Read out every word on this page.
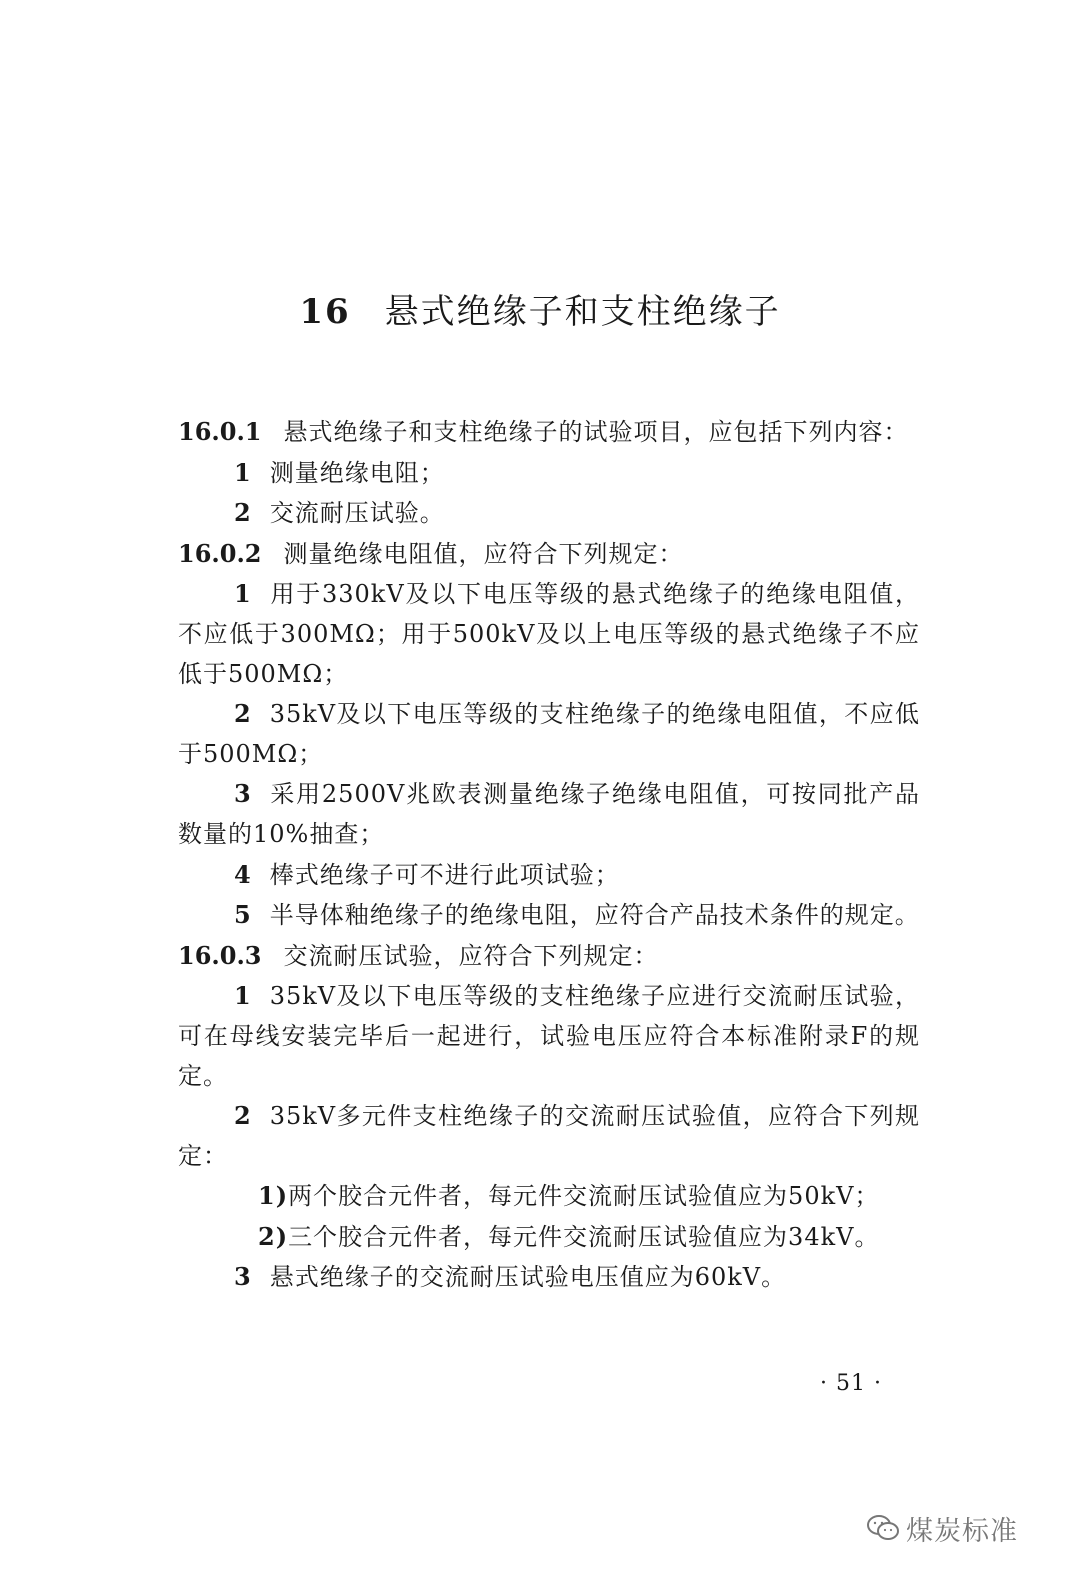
16 悬式绝缘子和支柱绝缘子

16.0.1 悬式绝缘子和支柱绝缘子的试验项目，应包括下列内容：

1 测量绝缘电阻；

2 交流耐压试验。

16.0.2 测量绝缘电阻值，应符合下列规定：

1 用于330kV及以下电压等级的悬式绝缘子的绝缘电阻值，不应低于300MΩ；用于500kV及以上电压等级的悬式绝缘子不应低于500MΩ；

2 35kV及以下电压等级的支柱绝缘子的绝缘电阻值，不应低于500MΩ；

3 采用2500V兆欧表测量绝缘子绝缘电阻值，可按同批产品数量的10%抽查；

4 棒式绝缘子可不进行此项试验；

5 半导体釉绝缘子的绝缘电阻，应符合产品技术条件的规定。

16.0.3 交流耐压试验，应符合下列规定：

1 35kV及以下电压等级的支柱绝缘子应进行交流耐压试验，可在母线安装完毕后一起进行，试验电压应符合本标准附录F的规定。

2 35kV多元件支柱绝缘子的交流耐压试验值，应符合下列规定：

1)两个胶合元件者，每元件交流耐压试验值应为50kV；

2)三个胶合元件者，每元件交流耐压试验值应为34kV。

3 悬式绝缘子的交流耐压试验电压值应为60kV。

· 51 ·
煤炭标准
